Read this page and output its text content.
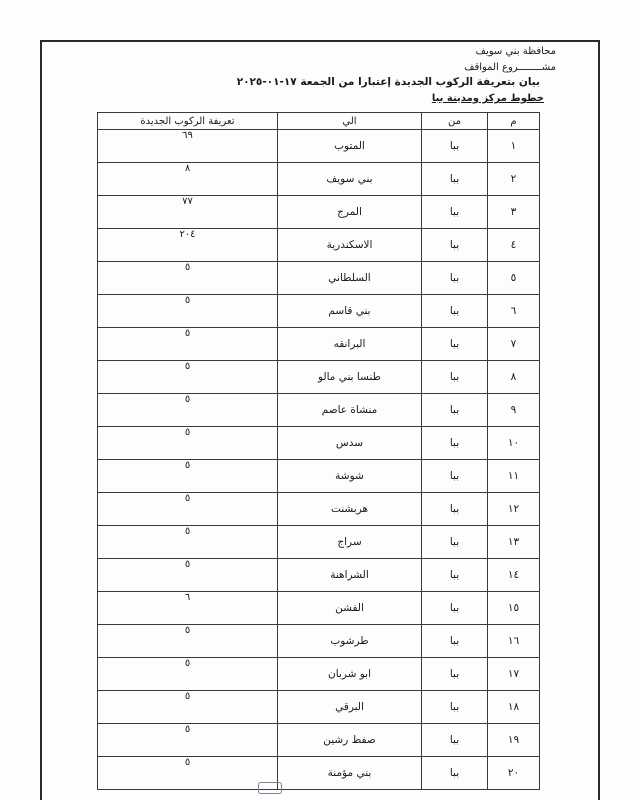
محافظة بني سويف
مشــــــــروع المواقف
بيان بتعريفة الركوب الجديدة إعتبارا من الجمعة ١٧-٠١-٢٠٢٥
خطوط مركز ومدينة ببا
م	من	الي	تعريفة الركوب الجديدة
١	ببا	المتوب	٦٩
٢	ببا	بني سويف	٨
٣	ببا	المرج	٧٧
٤	ببا	الاسكندرية	٢٠٤
٥	ببا	السلطاني	٥
٦	ببا	بني قاسم	٥
٧	ببا	البرانقه	٥
٨	ببا	طنسا بني مالو	٥
٩	ببا	منشاة عاصم	٥
١٠	ببا	سدس	٥
١١	ببا	شوشة	٥
١٢	ببا	هربشنت	٥
١٣	ببا	سراج	٥
١٤	ببا	الشراهنة	٥
١٥	ببا	الفشن	٦
١٦	ببا	طرشوب	٥
١٧	ببا	ابو شربان	٥
١٨	ببا	البرقي	٥
١٩	ببا	صفط رشين	٥
٢٠	ببا	بني مؤمنة	٥
